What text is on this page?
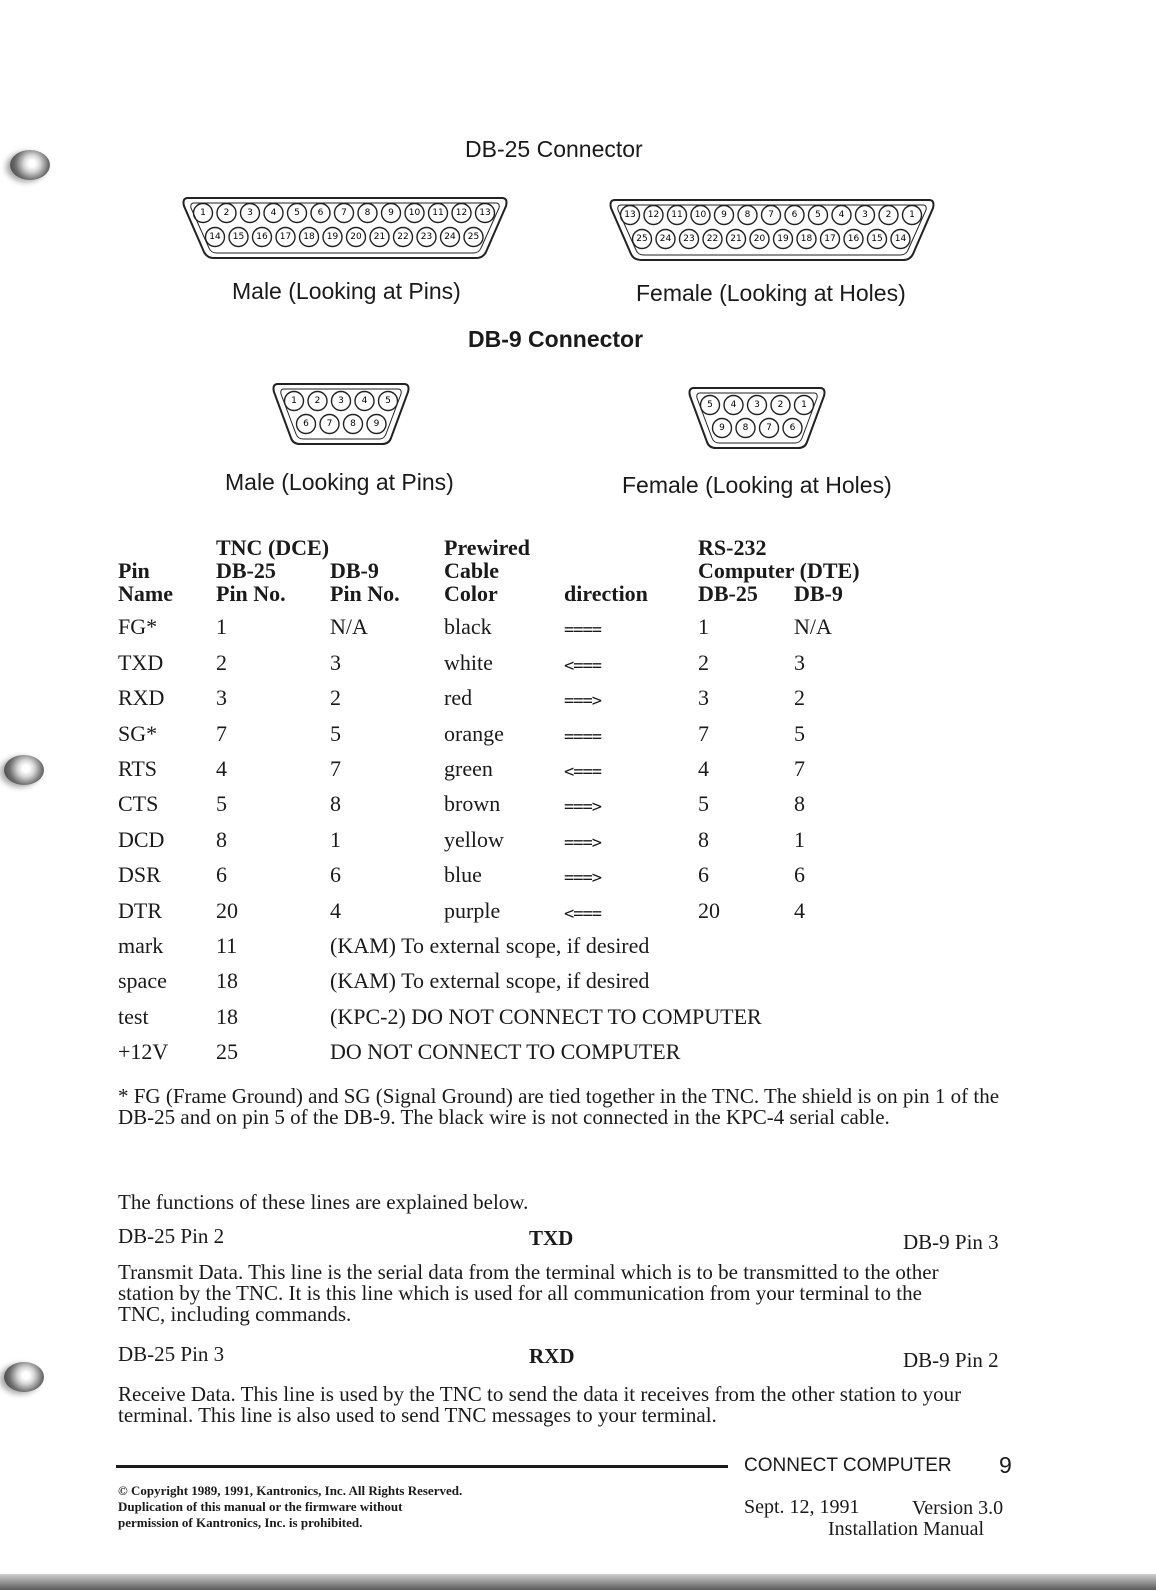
DB-25 Connector
1 2 3 4 5 6 7 8 9 10 11 12 13
14 15 16 17 18 19 20 21 22 23 24 25
13 12 11 10 9 8 7 6 5 4 3 2 1
25 24 23 22 21 20 19 18 17 16 15 14
Male (Looking at Pins)	Female (Looking at Holes)
DB-9 Connector
1 2 3 4 5
6 7 8 9
5 4 3 2 1
9 8 7 6
Male (Looking at Pins)	Female (Looking at Holes)
	TNC (DCE)		Prewired		RS-232	
Pin	DB-25	DB-9	Cable		Computer (DTE)	
Name	Pin No.	Pin No.	Color	direction	DB-25	DB-9
FG*	1	N/A	black	====	1	N/A
TXD	2	3	white	<===	2	3
RXD	3	2	red	===>	3	2
SG*	7	5	orange	====	7	5
RTS	4	7	green	<===	4	7
CTS	5	8	brown	===>	5	8
DCD	8	1	yellow	===>	8	1
DSR	6	6	blue	===>	6	6
DTR	20	4	purple	<===	20	4
mark	11	(KAM) To external scope, if desired				
space	18	(KAM) To external scope, if desired				
test	18	(KPC-2) DO NOT CONNECT TO COMPUTER				
+12V	25	DO NOT CONNECT TO COMPUTER				
* FG (Frame Ground) and SG (Signal Ground) are tied together in the TNC. The shield is on pin 1 of the DB-25 and on pin 5 of the DB-9. The black wire is not connected in the KPC-4 serial cable.
The functions of these lines are explained below.
DB-25 Pin 2	TXD	DB-9 Pin 3
Transmit Data. This line is the serial data from the terminal which is to be transmitted to the other station by the TNC. It is this line which is used for all communication from your terminal to the TNC, including commands.
DB-25 Pin 3	RXD	DB-9 Pin 2
Receive Data. This line is used by the TNC to send the data it receives from the other station to your terminal. This line is also used to send TNC messages to your terminal.
CONNECT COMPUTER 9
© Copyright 1989, 1991, Kantronics, Inc. All Rights Reserved.
Duplication of this manual or the firmware without
permission of Kantronics, Inc. is prohibited.
Sept. 12, 1991	Version 3.0
Installation Manual
